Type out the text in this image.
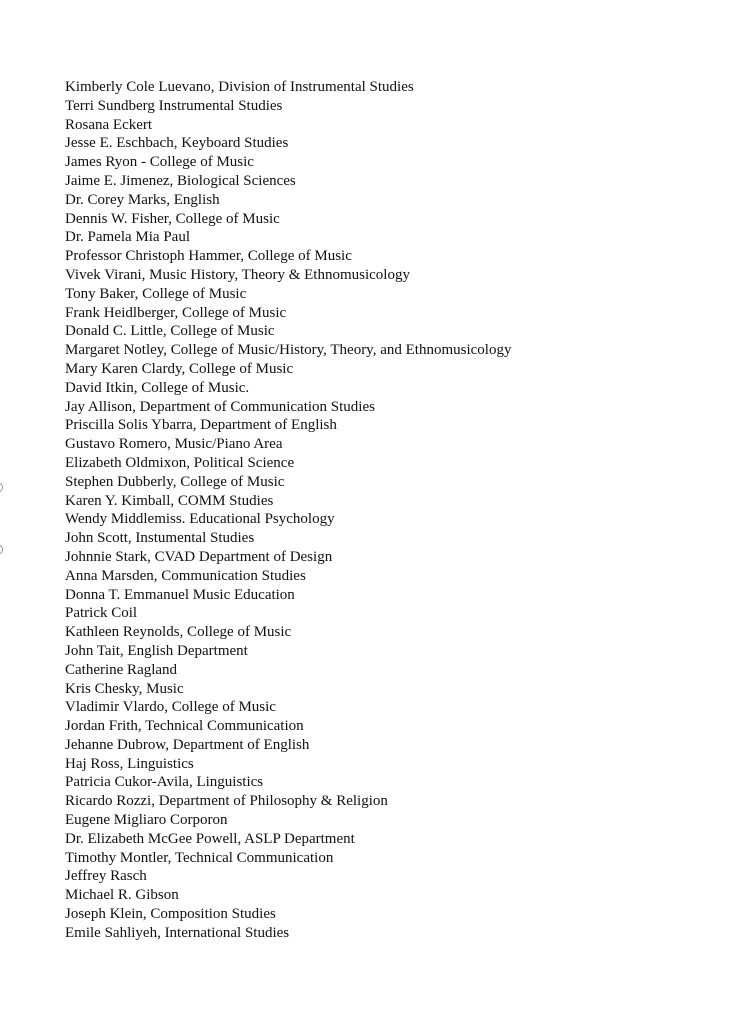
Kimberly Cole Luevano, Division of Instrumental Studies
Terri Sundberg Instrumental Studies
Rosana Eckert
Jesse E. Eschbach, Keyboard Studies
James Ryon - College of Music
Jaime E. Jimenez, Biological Sciences
Dr. Corey Marks, English
Dennis W. Fisher, College of Music
Dr. Pamela Mia Paul
Professor Christoph Hammer, College of Music
Vivek Virani, Music History, Theory & Ethnomusicology
Tony Baker, College of Music
Frank Heidlberger, College of Music
Donald C. Little, College of Music
Margaret Notley, College of Music/History, Theory, and Ethnomusicology
Mary Karen Clardy, College of Music
David Itkin, College of Music.
Jay Allison, Department of Communication Studies
Priscilla Solis Ybarra, Department of English
Gustavo Romero, Music/Piano Area
Elizabeth Oldmixon, Political Science
Stephen Dubberly, College of Music
Karen Y. Kimball, COMM Studies
Wendy Middlemiss. Educational Psychology
John Scott, Instumental Studies
Johnnie Stark, CVAD Department of Design
Anna Marsden, Communication Studies
Donna T. Emmanuel Music Education
Patrick Coil
Kathleen Reynolds, College of Music
John Tait, English Department
Catherine Ragland
Kris Chesky, Music
Vladimir Vlardo, College of Music
Jordan Frith, Technical Communication
Jehanne Dubrow, Department of English
Haj Ross, Linguistics
Patricia Cukor-Avila, Linguistics
Ricardo Rozzi, Department of Philosophy & Religion
Eugene Migliaro Corporon
Dr. Elizabeth McGee Powell, ASLP Department
Timothy Montler, Technical Communication
Jeffrey Rasch
Michael R. Gibson
Joseph Klein, Composition Studies
Emile Sahliyeh, International Studies
